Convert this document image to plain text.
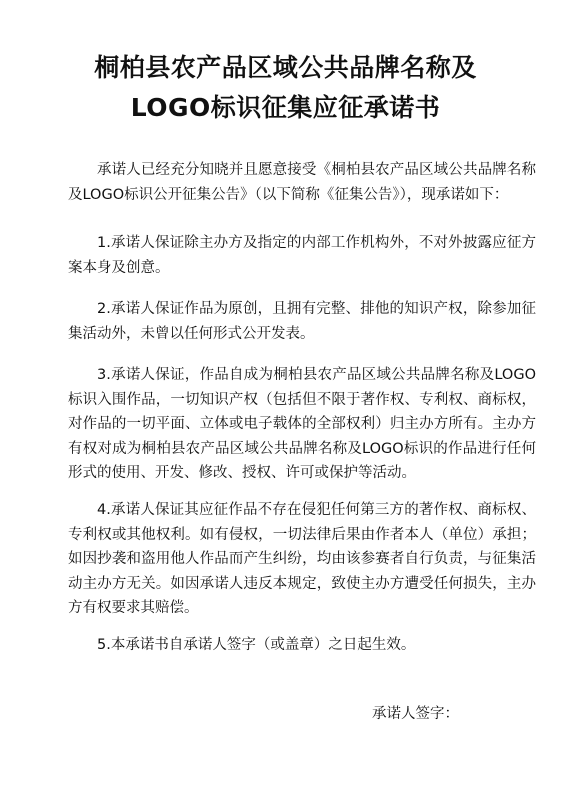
桐柏县农产品区域公共品牌名称及
LOGO标识征集应征承诺书

承诺人已经充分知晓并且愿意接受《桐柏县农产品区域公共品牌名称及LOGO标识公开征集公告》（以下简称《征集公告》），现承诺如下：

1.承诺人保证除主办方及指定的内部工作机构外，不对外披露应征方案本身及创意。

2.承诺人保证作品为原创，且拥有完整、排他的知识产权，除参加征集活动外，未曾以任何形式公开发表。

3.承诺人保证，作品自成为桐柏县农产品区域公共品牌名称及LOGO标识入围作品，一切知识产权（包括但不限于著作权、专利权、商标权，对作品的一切平面、立体或电子载体的全部权利）归主办方所有。主办方有权对成为桐柏县农产品区域公共品牌名称及LOGO标识的作品进行任何形式的使用、开发、修改、授权、许可或保护等活动。

4.承诺人保证其应征作品不存在侵犯任何第三方的著作权、商标权、专利权或其他权利。如有侵权，一切法律后果由作者本人（单位）承担；如因抄袭和盗用他人作品而产生纠纷，均由该参赛者自行负责，与征集活动主办方无关。如因承诺人违反本规定，致使主办方遭受任何损失，主办方有权要求其赔偿。

5.本承诺书自承诺人签字（或盖章）之日起生效。

承诺人签字：
